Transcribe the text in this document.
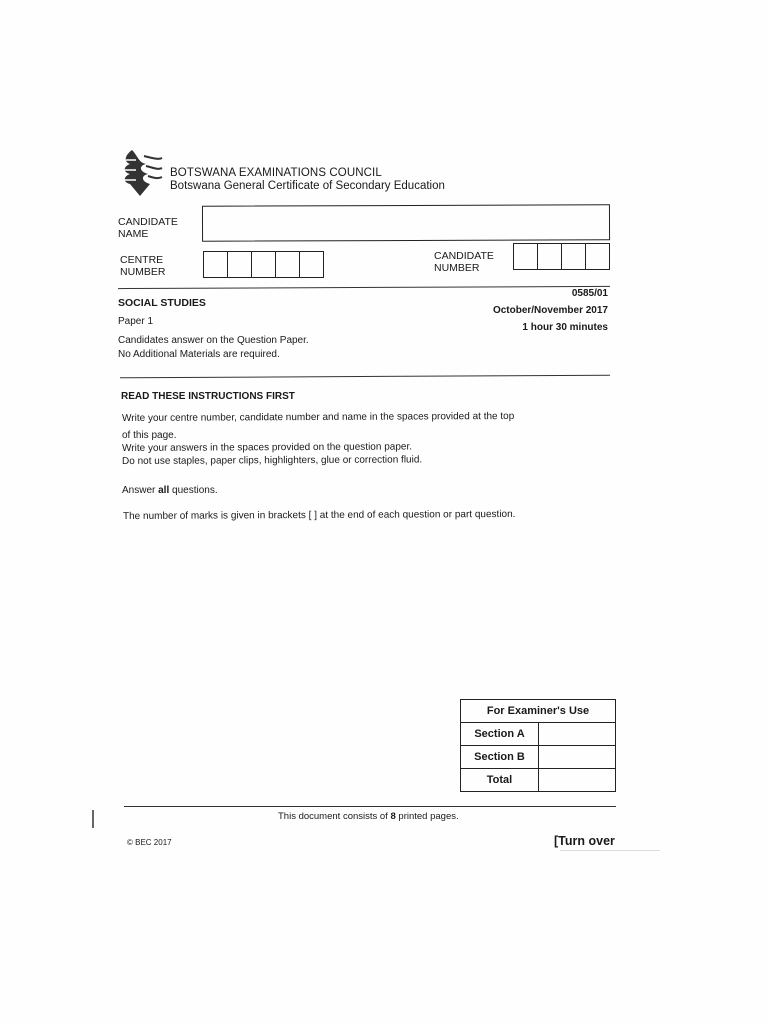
BOTSWANA EXAMINATIONS COUNCIL
Botswana General Certificate of Secondary Education
CANDIDATE
NAME
CENTRE
NUMBER
CANDIDATE
NUMBER
SOCIAL STUDIES
Paper 1
Candidates answer on the Question Paper.
No Additional Materials are required.
0585/01
October/November 2017
1 hour 30 minutes
READ THESE INSTRUCTIONS FIRST
Write your centre number, candidate number and name in the spaces provided at the top
of this page.
Write your answers in the spaces provided on the question paper.
Do not use staples, paper clips, highlighters, glue or correction fluid.
Answer all questions.
The number of marks is given in brackets [ ] at the end of each question or part question.
For Examiner's Use	
Section A	
Section B	
Total	
This document consists of 8 printed pages.
© BEC 2017	[Turn over
